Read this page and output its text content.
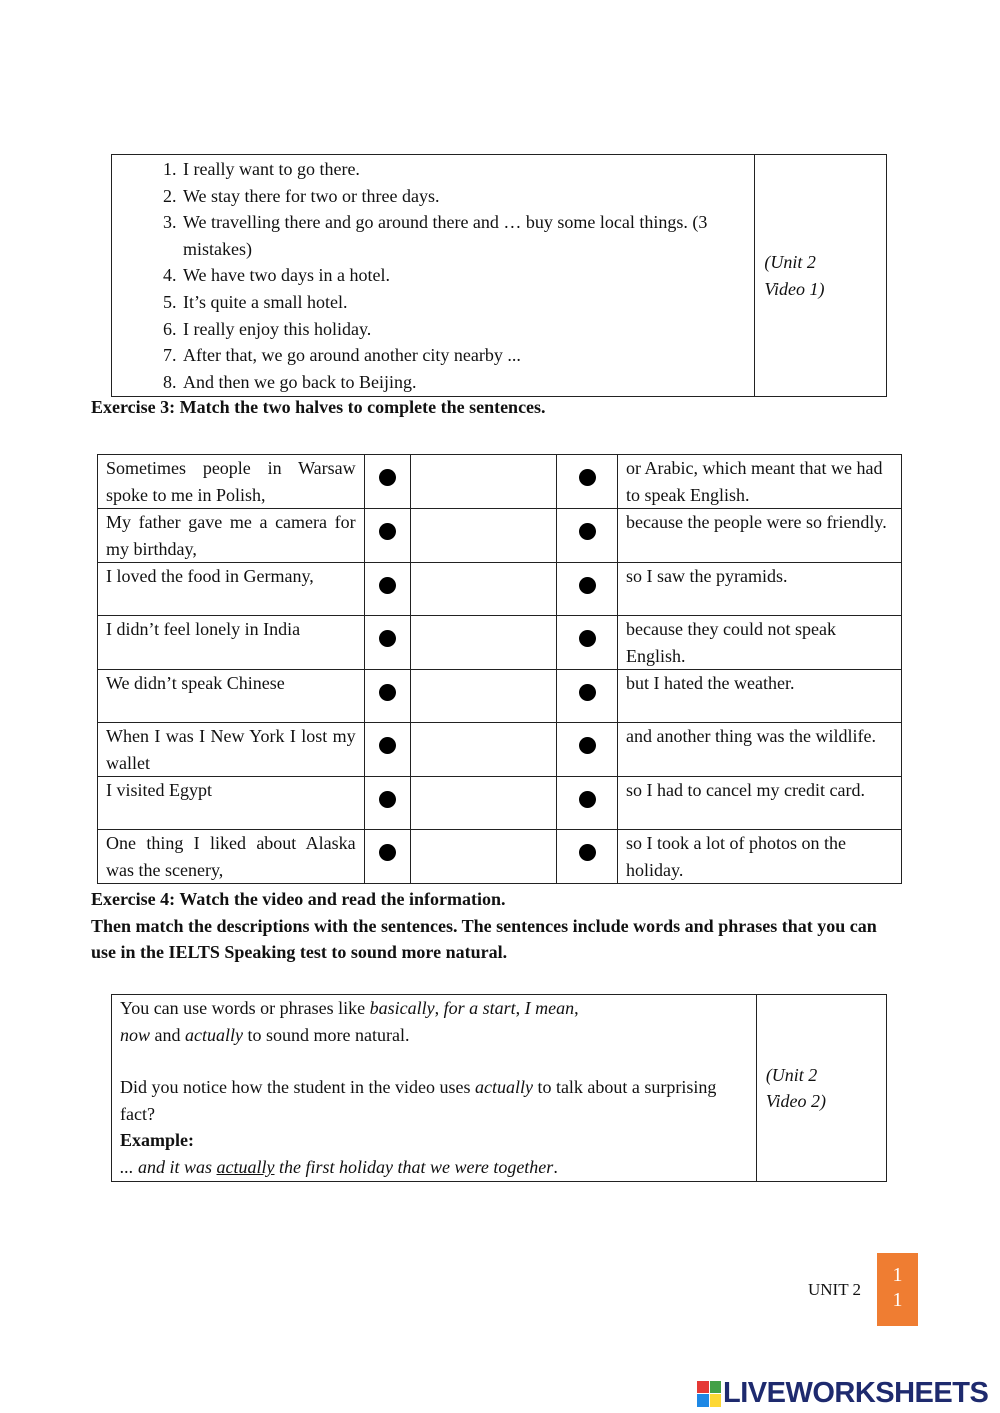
1. I really want to go there.
2. We stay there for two or three days.
3. We travelling there and go around there and … buy some local things. (3 mistakes)
4. We have two days in a hotel.
5. It’s quite a small hotel.
6. I really enjoy this holiday.
7. After that, we go around another city nearby ...
8. And then we go back to Beijing.

(Unit 2
Video 1)
Exercise 3: Match the two halves to complete the sentences.
Sometimes people in Warsaw spoke to me in Polish,				or Arabic, which meant that we had to speak English.
My father gave me a camera for my birthday,				because the people were so friendly.
I loved the food in Germany,				so I saw the pyramids.
I didn’t feel lonely in India				because they could not speak English.
We didn’t speak Chinese				but I hated the weather.
When I was I New York I lost my wallet				and another thing was the wildlife.
I visited Egypt				so I had to cancel my credit card.
One thing I liked about Alaska was the scenery,				so I took a lot of photos on the holiday.
Exercise 4: Watch the video and read the information.
Then match the descriptions with the sentences. The sentences include words and phrases that you can use in the IELTS Speaking test to sound more natural.
You can use words or phrases like basically, for a start, I mean,
now and actually to sound more natural.
Did you notice how the student in the video uses actually to talk about a surprising fact?
Example:
... and it was actually the first holiday that we were together.

(Unit 2
Video 2)
UNIT 2
1
1
LIVEWORKSHEETS
